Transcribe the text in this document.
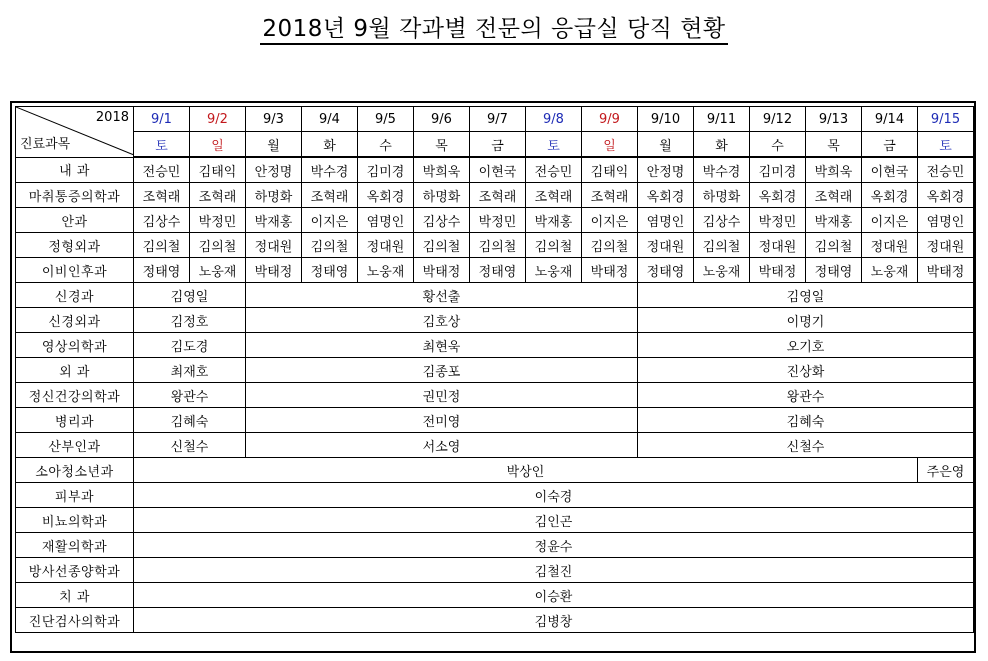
2018년 9월 각과별 전문의 응급실 당직 현황
2018
진료과목	9/1	9/2	9/3	9/4	9/5	9/6	9/7	9/8	9/9	9/10	9/11	9/12	9/13	9/14	9/15
	토	일	월	화	수	목	금	토	일	월	화	수	목	금	토
내 과	전승민	김태익	안정명	박수경	김미경	박희욱	이현국	전승민	김태익	안정명	박수경	김미경	박희욱	이현국	전승민
마취통증의학과	조혁래	조혁래	하명화	조혁래	옥회경	하명화	조혁래	조혁래	조혁래	옥회경	하명화	옥회경	조혁래	옥회경	옥회경
안과	김상수	박정민	박재홍	이지은	염명인	김상수	박정민	박재홍	이지은	염명인	김상수	박정민	박재홍	이지은	염명인
정형외과	김의철	김의철	정대원	김의철	정대원	김의철	김의철	김의철	김의철	정대원	김의철	정대원	김의철	정대원	정대원
이비인후과	정태영	노웅재	박태정	정태영	노웅재	박태정	정태영	노웅재	박태정	정태영	노웅재	박태정	정태영	노웅재	박태정
신경과	김영일		황선출							김영일					
신경외과	김정호		김호상							이명기					
영상의학과	김도경		최현욱							오기호					
외 과	최재호		김종포							진상화					
정신건강의학과	왕관수		권민정							왕관수					
병리과	김혜숙		전미영							김혜숙					
산부인과	신철수		서소영							신철수					
소아청소년과	박상인														주은영
피부과	이숙경														
비뇨의학과	김인곤														
재활의학과	정윤수														
방사선종양학과	김철진														
치 과	이승환														
진단검사의학과	김병창														
